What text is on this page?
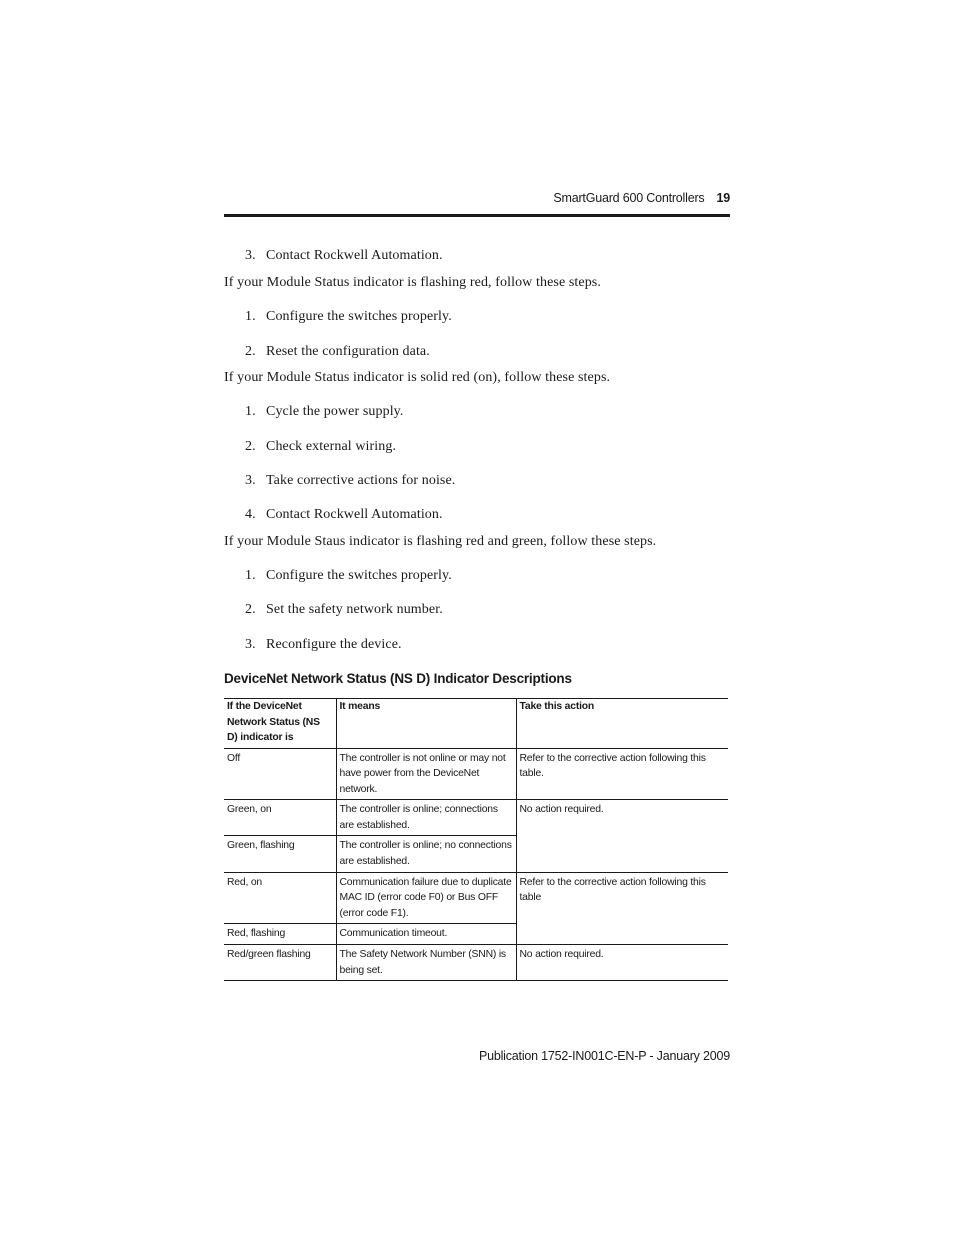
SmartGuard 600 Controllers 19
3. Contact Rockwell Automation.
If your Module Status indicator is flashing red, follow these steps.
1. Configure the switches properly.
2. Reset the configuration data.
If your Module Status indicator is solid red (on), follow these steps.
1. Cycle the power supply.
2. Check external wiring.
3. Take corrective actions for noise.
4. Contact Rockwell Automation.
If your Module Staus indicator is flashing red and green, follow these steps.
1. Configure the switches properly.
2. Set the safety network number.
3. Reconfigure the device.
DeviceNet Network Status (NS D) Indicator Descriptions
If the DeviceNet Network Status (NS D) indicator is	It means	Take this action
Off	The controller is not online or may not have power from the DeviceNet network.	Refer to the corrective action following this table.
Green, on	The controller is online; connections are established.	No action required.
Green, flashing	The controller is online; no connections are established.	
Red, on	Communication failure due to duplicate MAC ID (error code F0) or Bus OFF (error code F1).	Refer to the corrective action following this table
Red, flashing	Communication timeout.	
Red/green flashing	The Safety Network Number (SNN) is being set.	No action required.
Publication 1752-IN001C-EN-P - January 2009
